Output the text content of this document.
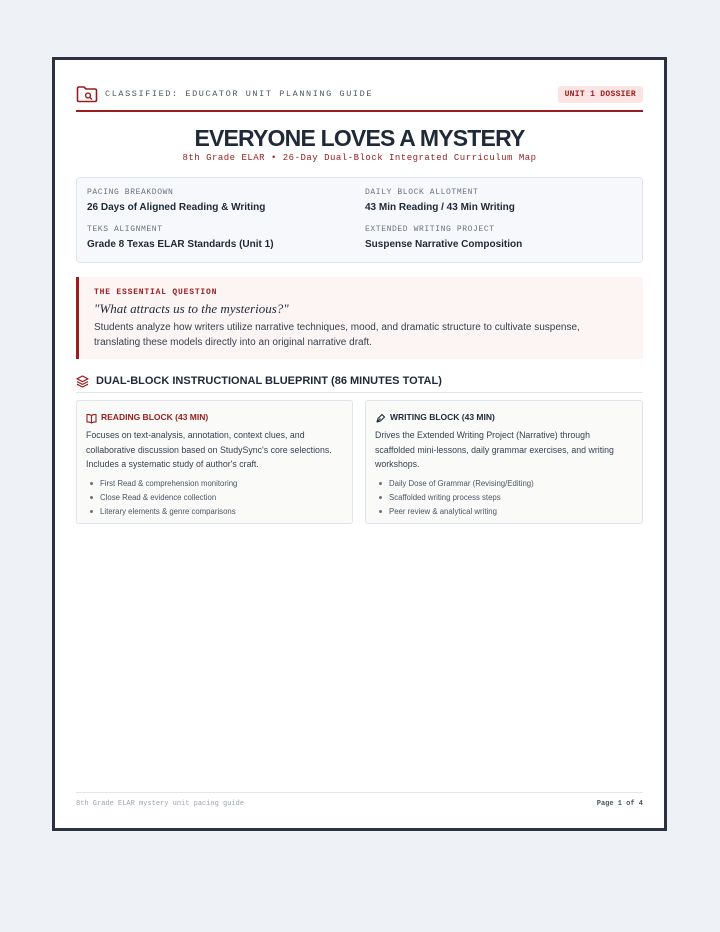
CLASSIFIED: EDUCATOR UNIT PLANNING GUIDE	UNIT 1 DOSSIER
EVERYONE LOVES A MYSTERY
8th Grade ELAR • 26-Day Dual-Block Integrated Curriculum Map
PACING BREAKDOWN
26 Days of Aligned Reading & Writing
DAILY BLOCK ALLOTMENT
43 Min Reading / 43 Min Writing
TEKS ALIGNMENT
Grade 8 Texas ELAR Standards (Unit 1)
EXTENDED WRITING PROJECT
Suspense Narrative Composition
THE ESSENTIAL QUESTION
"What attracts us to the mysterious?"
Students analyze how writers utilize narrative techniques, mood, and dramatic structure to cultivate suspense, translating these models directly into an original narrative draft.
DUAL-BLOCK INSTRUCTIONAL BLUEPRINT (86 MINUTES TOTAL)
READING BLOCK (43 MIN)
Focuses on text-analysis, annotation, context clues, and collaborative discussion based on StudySync's core selections. Includes a systematic study of author's craft.
First Read & comprehension monitoring
Close Read & evidence collection
Literary elements & genre comparisons
WRITING BLOCK (43 MIN)
Drives the Extended Writing Project (Narrative) through scaffolded mini-lessons, daily grammar exercises, and writing workshops.
Daily Dose of Grammar (Revising/Editing)
Scaffolded writing process steps
Peer review & analytical writing
8th Grade ELAR mystery unit pacing guide	Page 1 of 4
